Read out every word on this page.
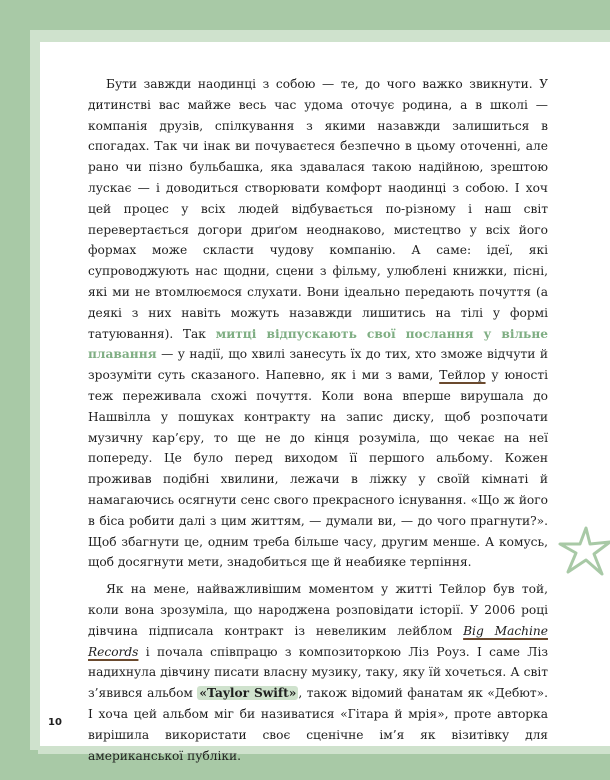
Бути завжди наодинці з собою — те, до чого важко звикнути. У дитинстві вас майже весь час удома оточує родина, а в школі — компанія друзів, спілкування з якими назавжди залишиться в спогадах. Так чи інак ви почуваєтеся безпечно в цьому оточенні, але рано чи пізно бульбашка, яка здавалася такою надійною, зрештою лускає — і доводиться створювати комфорт наодинці з собою. І хоч цей процес у всіх людей відбувається по-різному і наш світ перевертається догори дриґом неоднаково, мистецтво у всіх його формах може скласти чудову компанію. А саме: ідеї, які супроводжують нас щодни, сцени з фільму, улюблені книжки, пісні, які ми не втомлюємося слухати. Вони ідеально передають почуття (а деякі з них навіть можуть назавжди лишитись на тілі у формі татуювання). Так митці відпускають свої послання у вільне плавання — у надії, що хвилі занесуть їх до тих, хто зможе відчути й зрозуміти суть сказаного. Напевно, як і ми з вами, Тейлор у юності теж переживала схожі почуття. Коли вона вперше вирушала до Нашвілла у пошуках контракту на запис диску, щоб розпочати музичну кар’єру, то ще не до кінця розуміла, що чекає на неї попереду. Це було перед виходом її першого альбому. Кожен проживав подібні хвилини, лежачи в ліжку у своїй кімнаті й намагаючись осягнути сенс свого прекрасного існування. «Що ж його в біса робити далі з цим життям, — думали ви, — до чого прагнути?». Щоб збагнути це, одним треба більше часу, другим менше. А комусь, щоб досягнути мети, знадобиться ще й неабияке терпіння.

Як на мене, найважливішим моментом у житті Тейлор був той, коли вона зрозуміла, що народжена розповідати історії. У 2006 році дівчина підписала контракт із невеликим лейблом Big Machine Records і почала співпрацю з композиторкою Ліз Роуз. І саме Ліз надихнула дівчину писати власну музику, таку, яку їй хочеться. А світ з’явився альбом «Taylor Swift» , також відомий фанатам як «Дебют». І хоча цей альбом міг би називатися «Гітара й мрія», проте авторка вирішила використати своє сценічне ім’я як візитівку для американської публіки.

10
